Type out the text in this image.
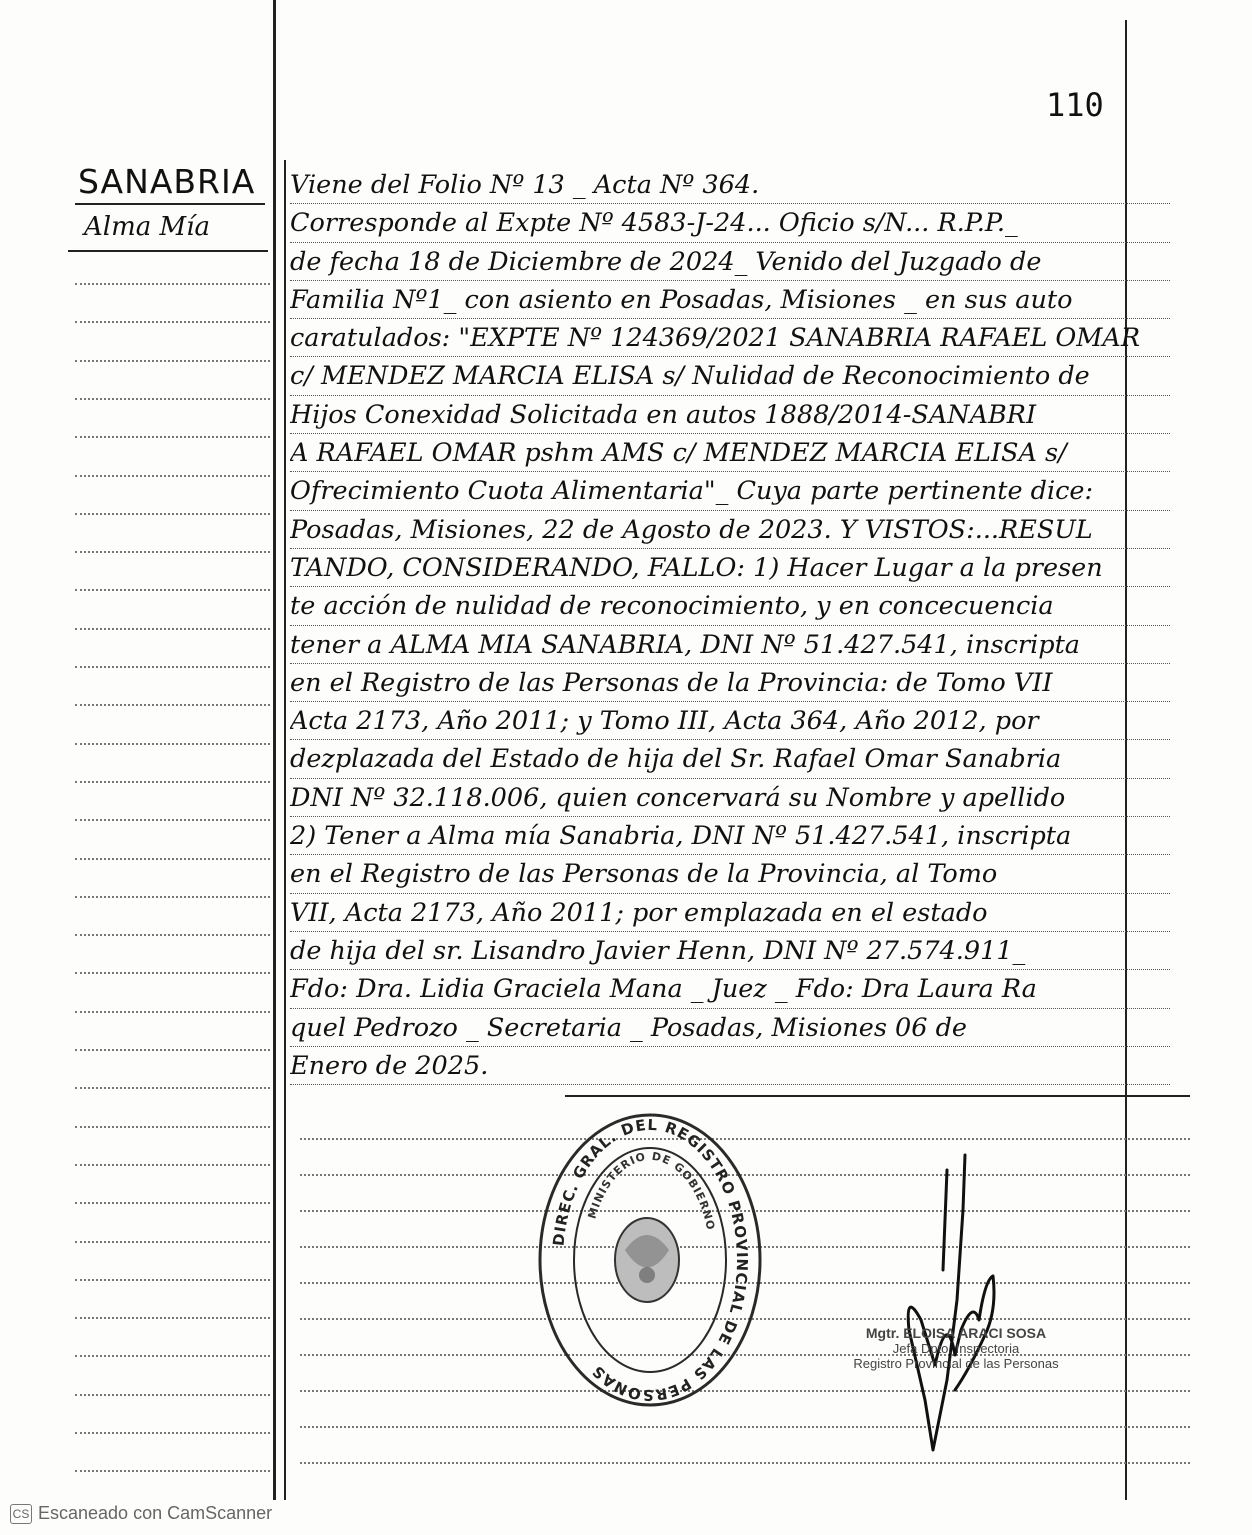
110
SANABRIA
Alma Mía
Viene del Folio Nº 13 _ Acta Nº 364.
Corresponde al Expte Nº 4583-J-24... Oficio s/N... R.P.P._
de fecha 18 de Diciembre de 2024_ Venido del Juzgado de
Familia Nº1_ con asiento en Posadas, Misiones _ en sus auto
caratulados: "EXPTE Nº 124369/2021 SANABRIA RAFAEL OMAR
c/ MENDEZ MARCIA ELISA s/ Nulidad de Reconocimiento de
Hijos Conexidad Solicitada en autos 1888/2014-SANABRI
A RAFAEL OMAR pshm AMS c/ MENDEZ MARCIA ELISA s/
Ofrecimiento Cuota Alimentaria"_ Cuya parte pertinente dice:
Posadas, Misiones, 22 de Agosto de 2023. Y VISTOS:...RESUL
TANDO, CONSIDERANDO, FALLO: 1) Hacer Lugar a la presen
te acción de nulidad de reconocimiento, y en concecuencia
tener a ALMA MIA SANABRIA, DNI Nº 51.427.541, inscripta
en el Registro de las Personas de la Provincia: de Tomo VII
Acta 2173, Año 2011; y Tomo III, Acta 364, Año 2012, por
dezplazada del Estado de hija del Sr. Rafael Omar Sanabria
DNI Nº 32.118.006, quien concervará su Nombre y apellido
2) Tener a Alma mía Sanabria, DNI Nº 51.427.541, inscripta
en el Registro de las Personas de la Provincia, al Tomo
VII, Acta 2173, Año 2011; por emplazada en el estado
de hija del sr. Lisandro Javier Henn, DNI Nº 27.574.911_
Fdo: Dra. Lidia Graciela Mana _ Juez _ Fdo: Dra Laura Ra
quel Pedrozo _ Secretaria _ Posadas, Misiones 06 de
Enero de 2025.
DIREC. GRAL. DEL REGISTRO PROVINCIAL DE LAS PERSONAS
MINISTERIO DE GOBIERNO
Mgtr. ELOISA ARACI SOSA
Jefa Dpto. Inspectoria
Registro Provincial de las Personas
CS Escaneado con CamScanner
